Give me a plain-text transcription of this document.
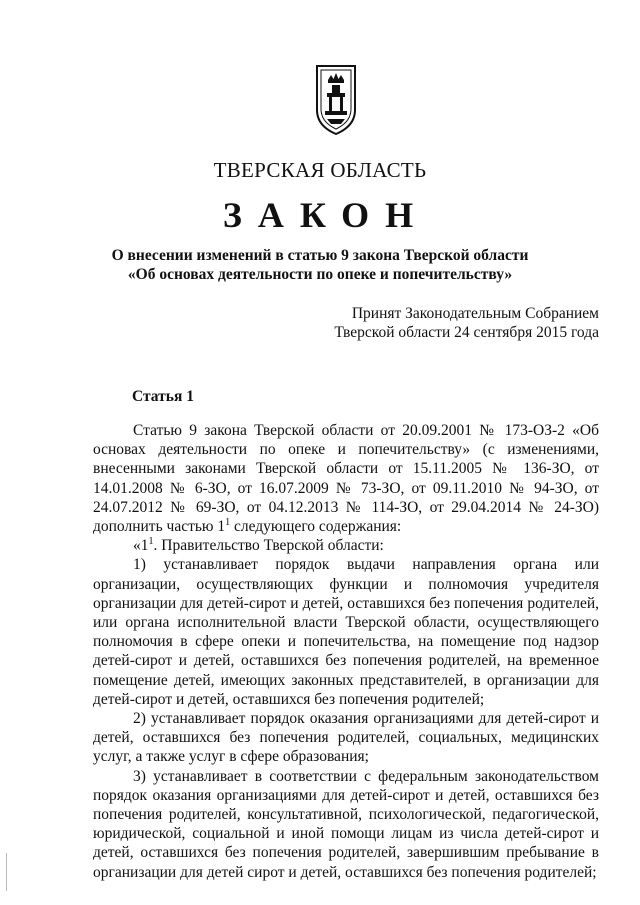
ТВЕРСКАЯ ОБЛАСТЬ
ЗАКОН
О внесении изменений в статью 9 закона Тверской области
«Об основах деятельности по опеке и попечительству»
Принят Законодательным Собранием
Тверской области 24 сентября 2015 года
Статья 1

Статью 9 закона Тверской области от 20.09.2001 № 173-ОЗ-2 «Об основах деятельности по опеке и попечительству» (с изменениями, внесенными законами Тверской области от 15.11.2005 № 136-ЗО, от 14.01.2008 № 6-ЗО, от 16.07.2009 № 73-ЗО, от 09.11.2010 № 94-ЗО, от 24.07.2012 № 69-ЗО, от 04.12.2013 № 114-ЗО, от 29.04.2014 № 24-ЗО) дополнить частью $1^1$ следующего содержания:

«$1^1$. Правительство Тверской области:

1) устанавливает порядок выдачи направления органа или организации, осуществляющих функции и полномочия учредителя организации для детей-сирот и детей, оставшихся без попечения родителей, или органа исполнительной власти Тверской области, осуществляющего полномочия в сфере опеки и попечительства, на помещение под надзор детей-сирот и детей, оставшихся без попечения родителей, на временное помещение детей, имеющих законных представителей, в организации для детей-сирот и детей, оставшихся без попечения родителей;

2) устанавливает порядок оказания организациями для детей-сирот и детей, оставшихся без попечения родителей, социальных, медицинских услуг, а также услуг в сфере образования;

3) устанавливает в соответствии с федеральным законодательством порядок оказания организациями для детей-сирот и детей, оставшихся без попечения родителей, консультативной, психологической, педагогической, юридической, социальной и иной помощи лицам из числа детей-сирот и детей, оставшихся без попечения родителей, завершившим пребывание в организации для детей сирот и детей, оставшихся без попечения родителей;
